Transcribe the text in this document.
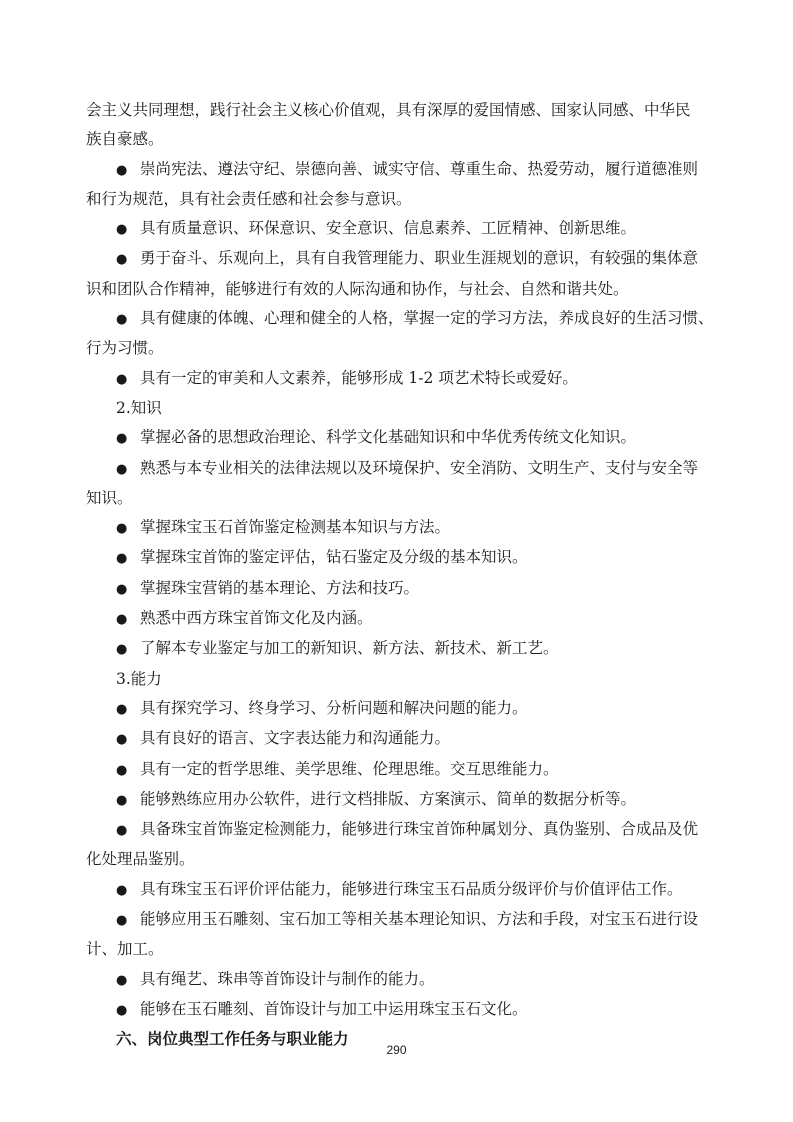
会主义共同理想，践行社会主义核心价值观，具有深厚的爱国情感、国家认同感、中华民
族自豪感。
● 崇尚宪法、遵法守纪、崇德向善、诚实守信、尊重生命、热爱劳动，履行道德准则
和行为规范，具有社会责任感和社会参与意识。
● 具有质量意识、环保意识、安全意识、信息素养、工匠精神、创新思维。
● 勇于奋斗、乐观向上，具有自我管理能力、职业生涯规划的意识，有较强的集体意
识和团队合作精神，能够进行有效的人际沟通和协作，与社会、自然和谐共处。
● 具有健康的体魄、心理和健全的人格，掌握一定的学习方法，养成良好的生活习惯、
行为习惯。
● 具有一定的审美和人文素养，能够形成 1-2 项艺术特长或爱好。
2.知识
● 掌握必备的思想政治理论、科学文化基础知识和中华优秀传统文化知识。
● 熟悉与本专业相关的法律法规以及环境保护、安全消防、文明生产、支付与安全等
知识。
● 掌握珠宝玉石首饰鉴定检测基本知识与方法。
● 掌握珠宝首饰的鉴定评估，钻石鉴定及分级的基本知识。
● 掌握珠宝营销的基本理论、方法和技巧。
● 熟悉中西方珠宝首饰文化及内涵。
● 了解本专业鉴定与加工的新知识、新方法、新技术、新工艺。
3.能力
● 具有探究学习、终身学习、分析问题和解决问题的能力。
● 具有良好的语言、文字表达能力和沟通能力。
● 具有一定的哲学思维、美学思维、伦理思维。交互思维能力。
● 能够熟练应用办公软件，进行文档排版、方案演示、简单的数据分析等。
● 具备珠宝首饰鉴定检测能力，能够进行珠宝首饰种属划分、真伪鉴别、合成品及优
化处理品鉴别。
● 具有珠宝玉石评价评估能力，能够进行珠宝玉石品质分级评价与价值评估工作。
● 能够应用玉石雕刻、宝石加工等相关基本理论知识、方法和手段，对宝玉石进行设
计、加工。
● 具有绳艺、珠串等首饰设计与制作的能力。
● 能够在玉石雕刻、首饰设计与加工中运用珠宝玉石文化。
六、岗位典型工作任务与职业能力
290
